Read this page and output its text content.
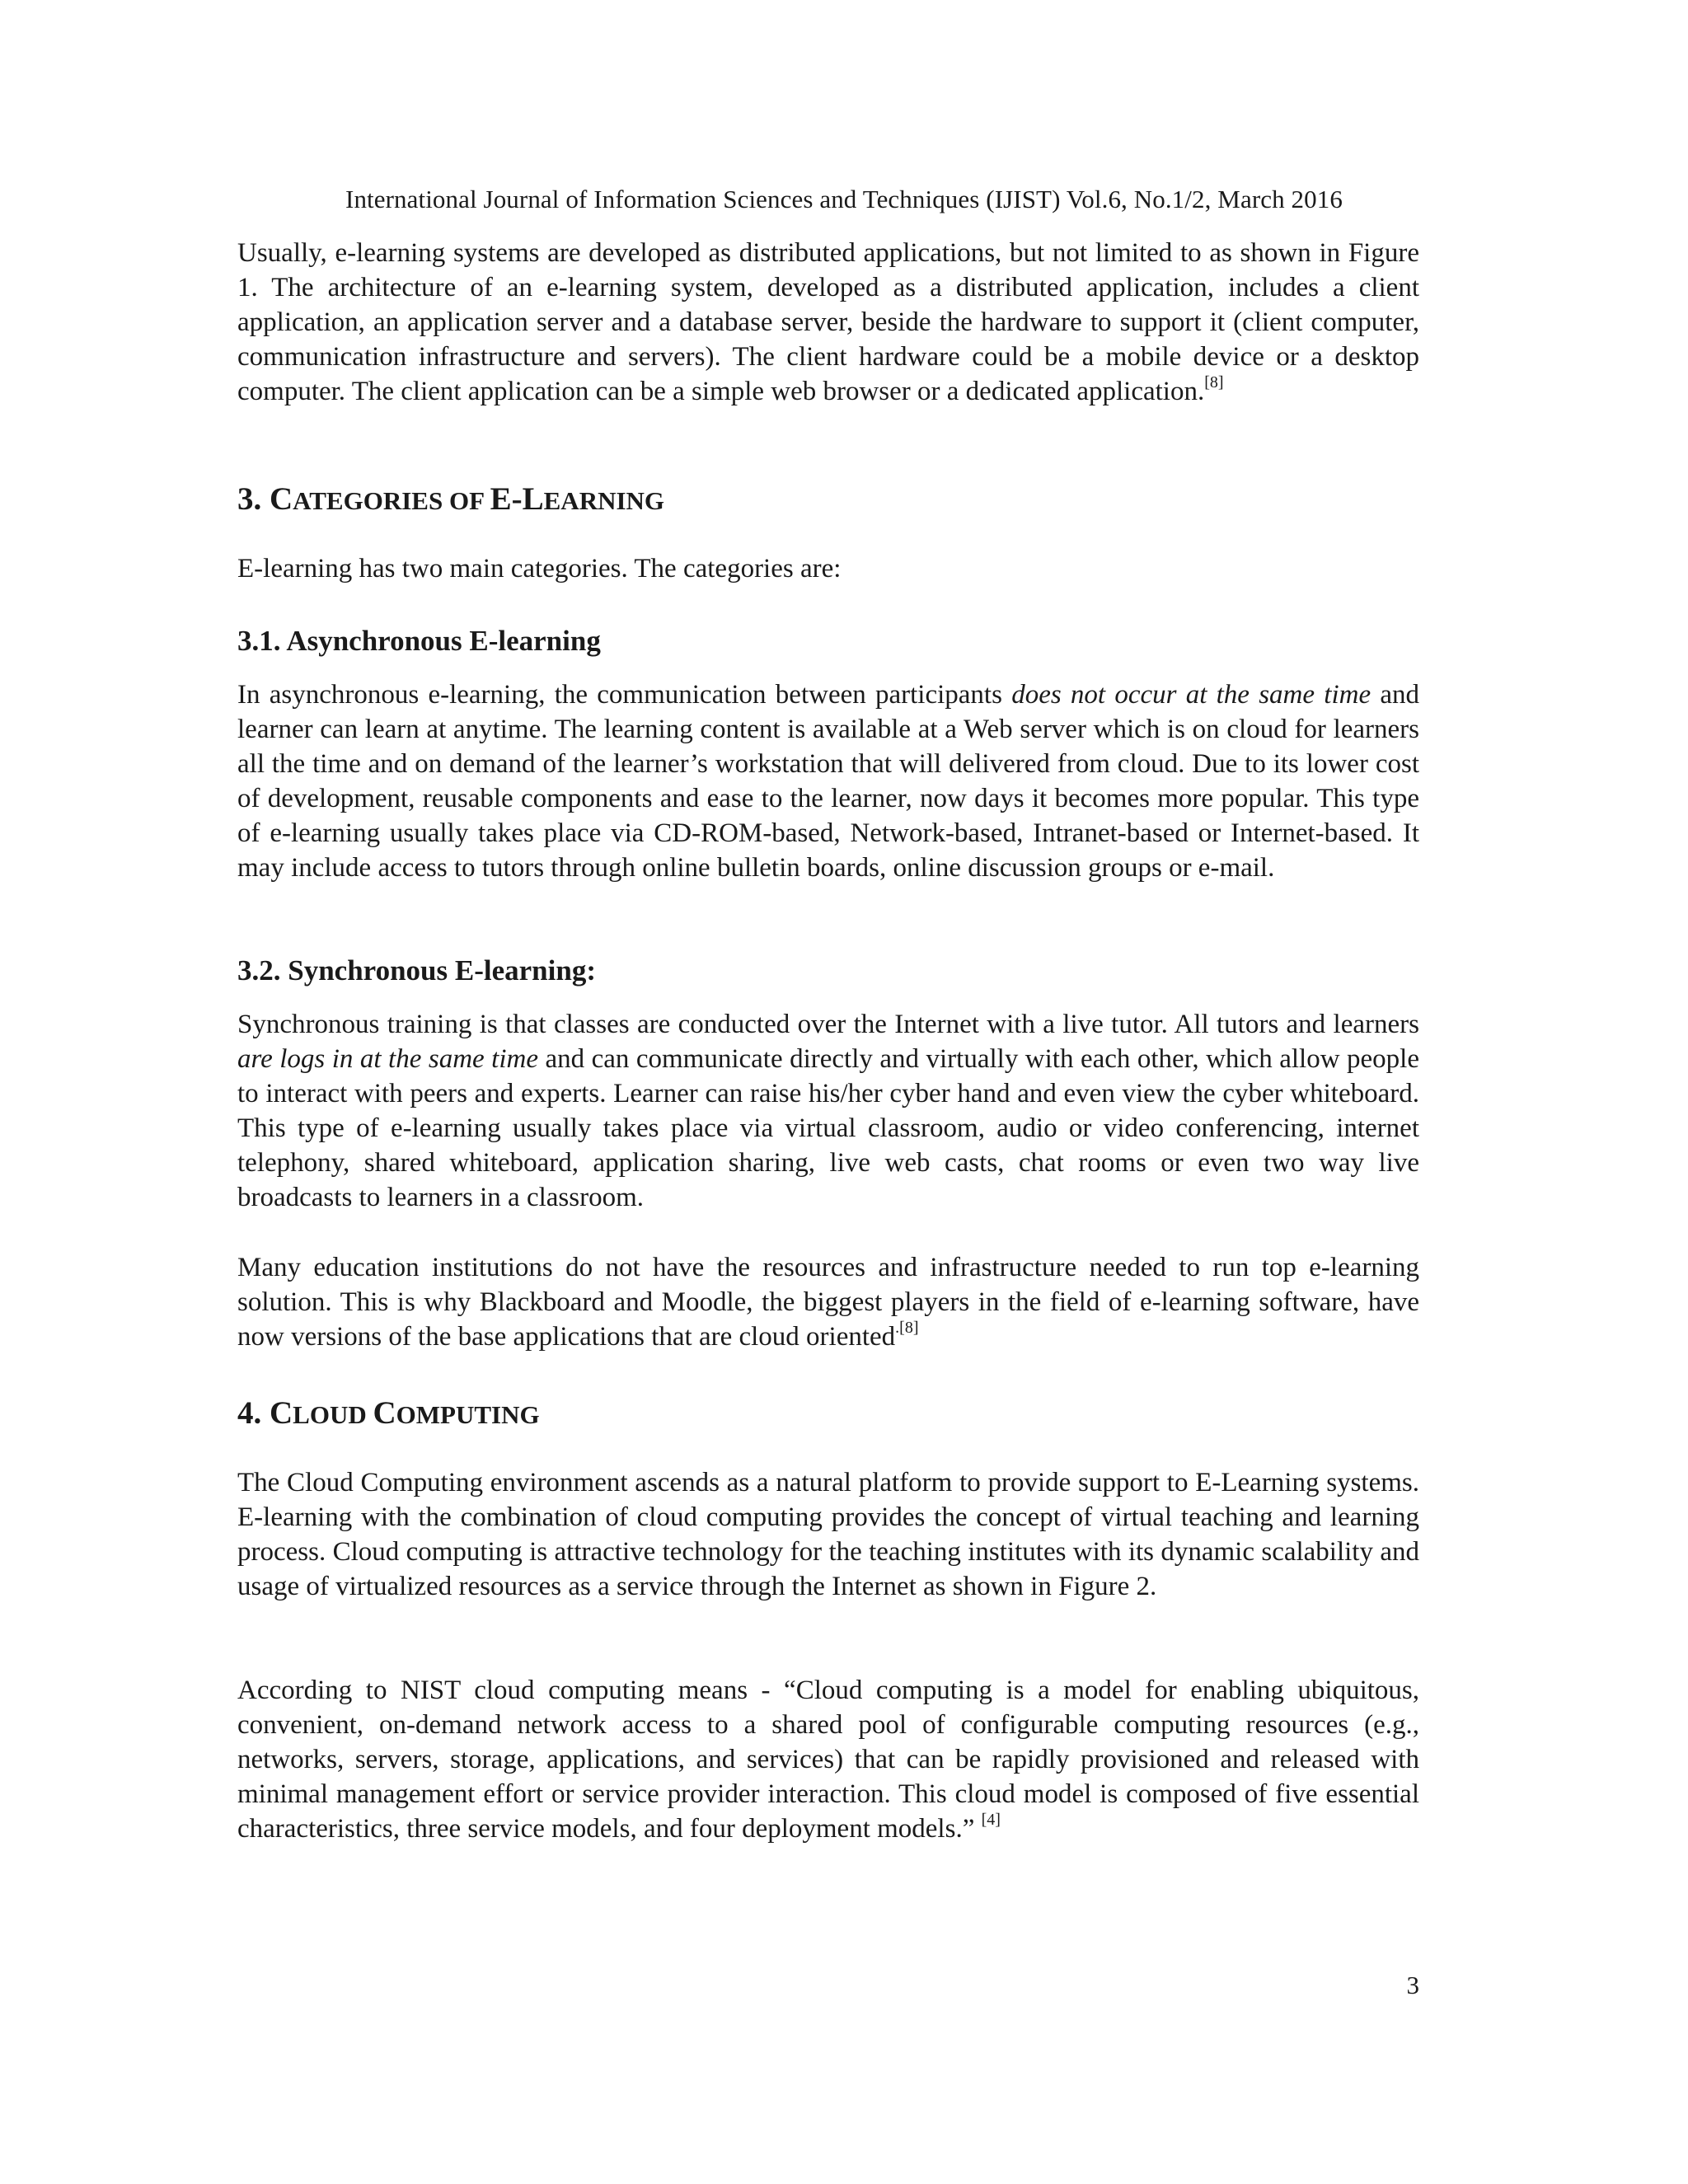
International Journal of Information Sciences and Techniques (IJIST) Vol.6, No.1/2, March 2016

Usually, e-learning systems are developed as distributed applications, but not limited to as shown in Figure 1. The architecture of an e-learning system, developed as a distributed application, includes a client application, an application server and a database server, beside the hardware to support it (client computer, communication infrastructure and servers). The client hardware could be a mobile device or a desktop computer. The client application can be a simple web browser or a dedicated application.[8]

3. CATEGORIES OF E-LEARNING

E-learning has two main categories. The categories are:

3.1. Asynchronous E-learning

In asynchronous e-learning, the communication between participants does not occur at the same time and learner can learn at anytime. The learning content is available at a Web server which is on cloud for learners all the time and on demand of the learner’s workstation that will delivered from cloud. Due to its lower cost of development, reusable components and ease to the learner, now days it becomes more popular. This type of e-learning usually takes place via CD-ROM-based, Network-based, Intranet-based or Internet-based. It may include access to tutors through online bulletin boards, online discussion groups or e-mail.

3.2. Synchronous E-learning:

Synchronous training is that classes are conducted over the Internet with a live tutor. All tutors and learners are logs in at the same time and can communicate directly and virtually with each other, which allow people to interact with peers and experts. Learner can raise his/her cyber hand and even view the cyber whiteboard. This type of e-learning usually takes place via virtual classroom, audio or video conferencing, internet telephony, shared whiteboard, application sharing, live web casts, chat rooms or even two way live broadcasts to learners in a classroom.

Many education institutions do not have the resources and infrastructure needed to run top e-learning solution. This is why Blackboard and Moodle, the biggest players in the field of e-learning software, have now versions of the base applications that are cloud oriented$^{.[8]}$

4. CLOUD COMPUTING

The Cloud Computing environment ascends as a natural platform to provide support to E-Learning systems. E-learning with the combination of cloud computing provides the concept of virtual teaching and learning process. Cloud computing is attractive technology for the teaching institutes with its dynamic scalability and usage of virtualized resources as a service through the Internet as shown in Figure 2.

According to NIST cloud computing means - “Cloud computing is a model for enabling ubiquitous, convenient, on-demand network access to a shared pool of configurable computing resources (e.g., networks, servers, storage, applications, and services) that can be rapidly provisioned and released with minimal management effort or service provider interaction. This cloud model is composed of five essential characteristics, three service models, and four deployment models.” [4]

3
